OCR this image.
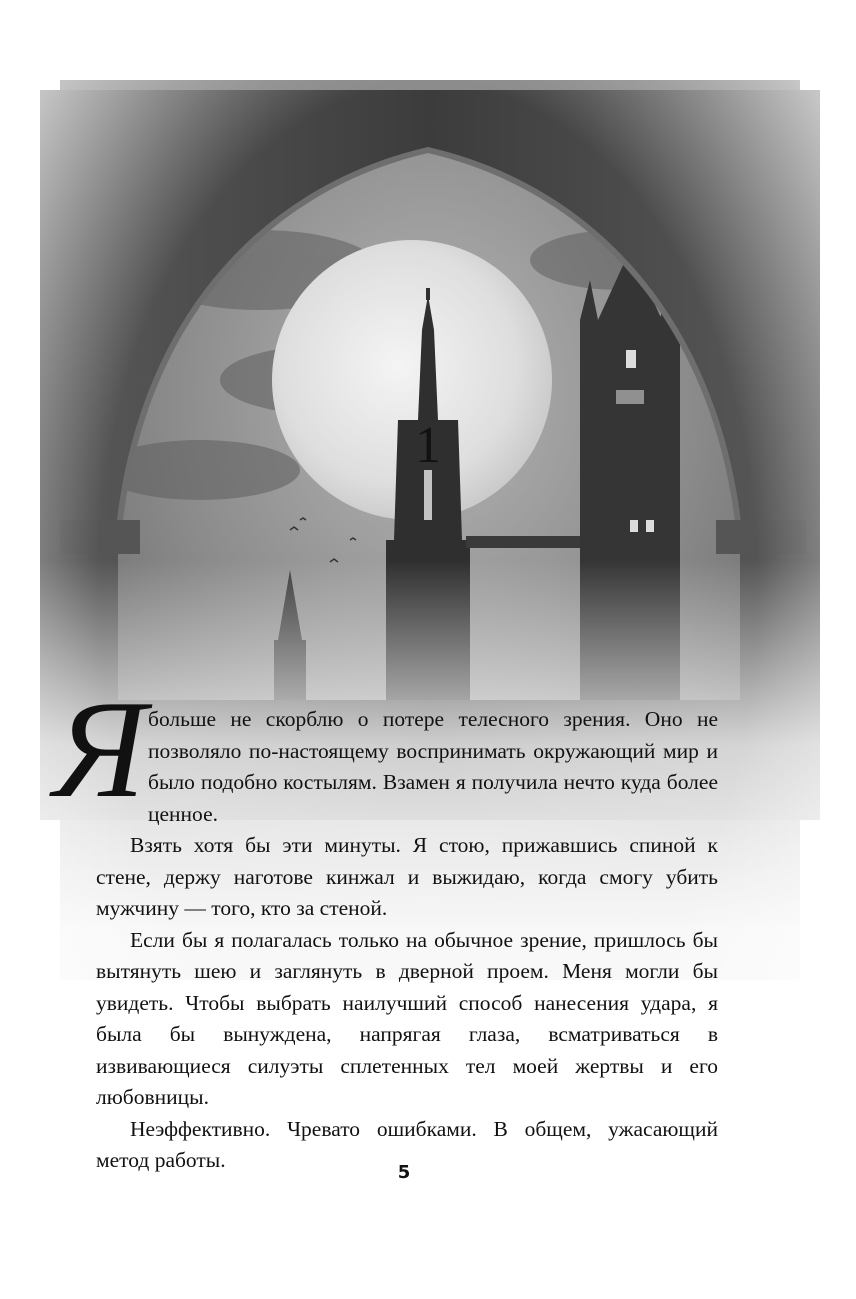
1
Я больше не скорблю о потере телесного зрения. Оно не позволяло по-настоящему воспринимать окружающий мир и было подобно костылям. Взамен я получила нечто куда более ценное.

Взять хотя бы эти минуты. Я стою, прижавшись спиной к стене, держу наготове кинжал и выжидаю, когда смогу убить мужчину — того, кто за стеной.

Если бы я полагалась только на обычное зрение, пришлось бы вытянуть шею и заглянуть в дверной проем. Меня могли бы увидеть. Чтобы выбрать наилучший способ нанесения удара, я была бы вынуждена, напрягая глаза, всматриваться в извивающиеся силуэты сплетенных тел моей жертвы и его любовницы.

Неэффективно. Чревато ошибками. В общем, ужасающий метод работы.

5
